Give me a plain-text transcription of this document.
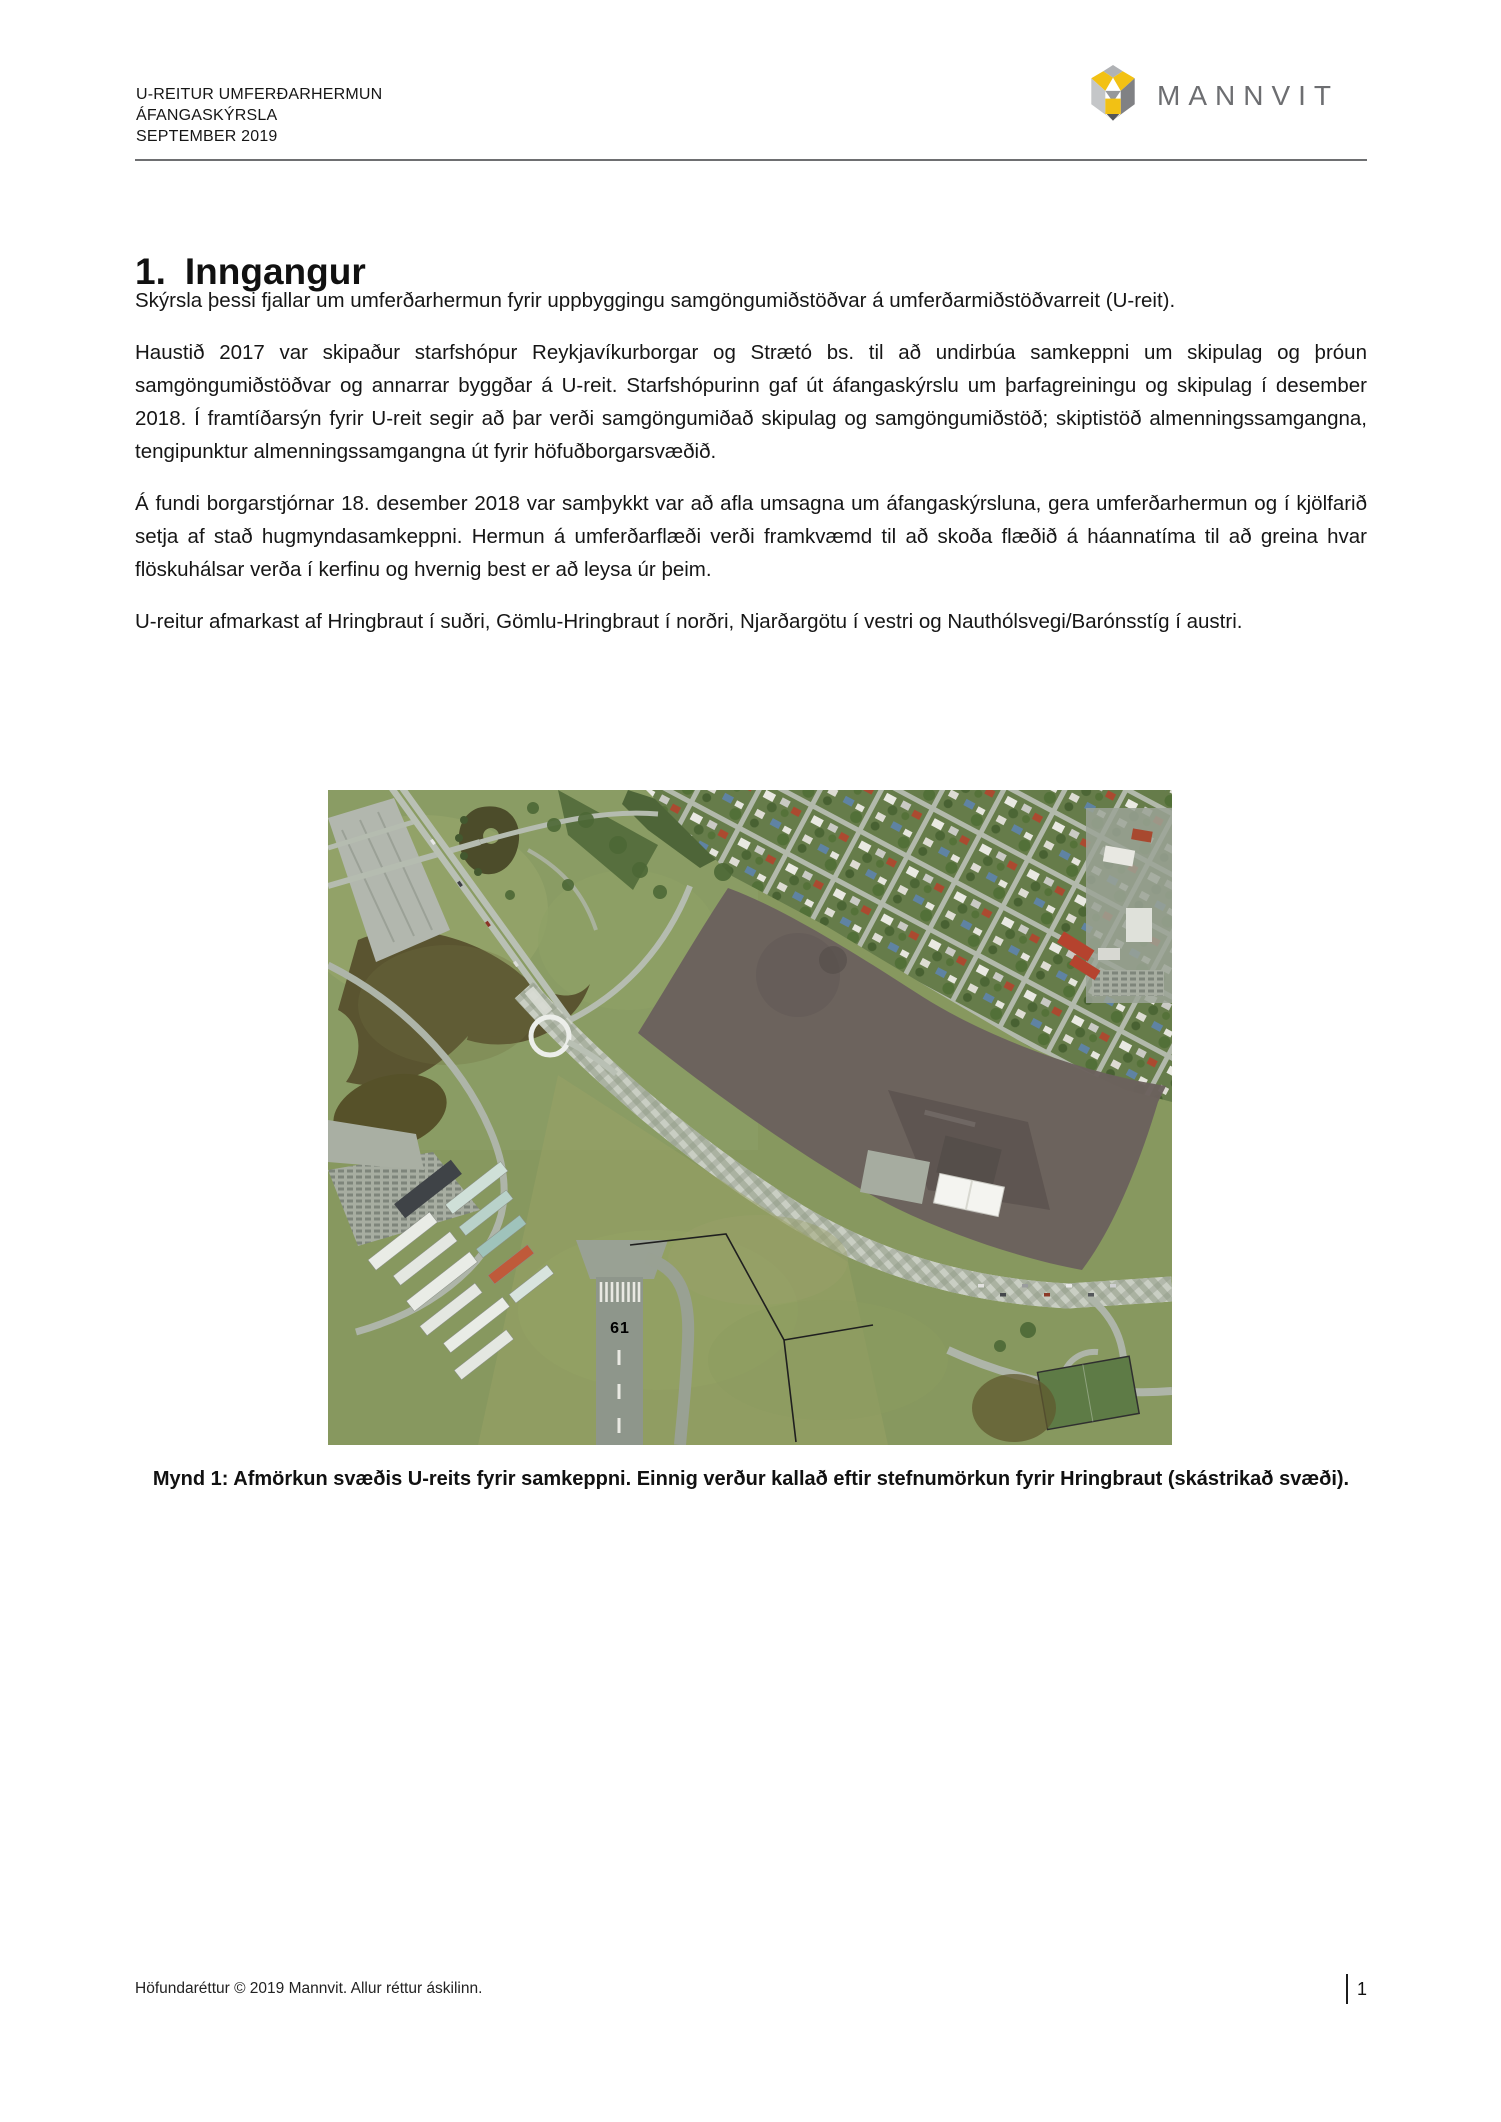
U-REITUR UMFERÐARHERMUN
ÁFANGASKÝRSLA
SEPTEMBER 2019
MANNVIT
1. Inngangur

Skýrsla þessi fjallar um umferðarhermun fyrir uppbyggingu samgöngumiðstöðvar á umferðarmiðstöðvarreit (U-reit).

Haustið 2017 var skipaður starfshópur Reykjavíkurborgar og Strætó bs. til að undirbúa samkeppni um skipulag og þróun samgöngumiðstöðvar og annarrar byggðar á U-reit. Starfshópurinn gaf út áfangaskýrslu um þarfagreiningu og skipulag í desember 2018. Í framtíðarsýn fyrir U-reit segir að þar verði samgöngumiðað skipulag og samgöngumiðstöð; skiptistöð almenningssamgangna, tengipunktur almenningssamgangna út fyrir höfuðborgarsvæðið.

Á fundi borgarstjórnar 18. desember 2018 var samþykkt var að afla umsagna um áfangaskýrsluna, gera umferðarhermun og í kjölfarið setja af stað hugmyndasamkeppni. Hermun á umferðarflæði verði framkvæmd til að skoða flæðið á háannatíma til að greina hvar flöskuhálsar verða í kerfinu og hvernig best er að leysa úr þeim.

U-reitur afmarkast af Hringbraut í suðri, Gömlu-Hringbraut í norðri, Njarðargötu í vestri og Nauthólsvegi/Barónsstíg í austri.

61
Mynd 1: Afmörkun svæðis U-reits fyrir samkeppni. Einnig verður kallað eftir stefnumörkun fyrir Hringbraut (skástrikað svæði).
Höfundaréttur © 2019 Mannvit. Allur réttur áskilinn.	1
